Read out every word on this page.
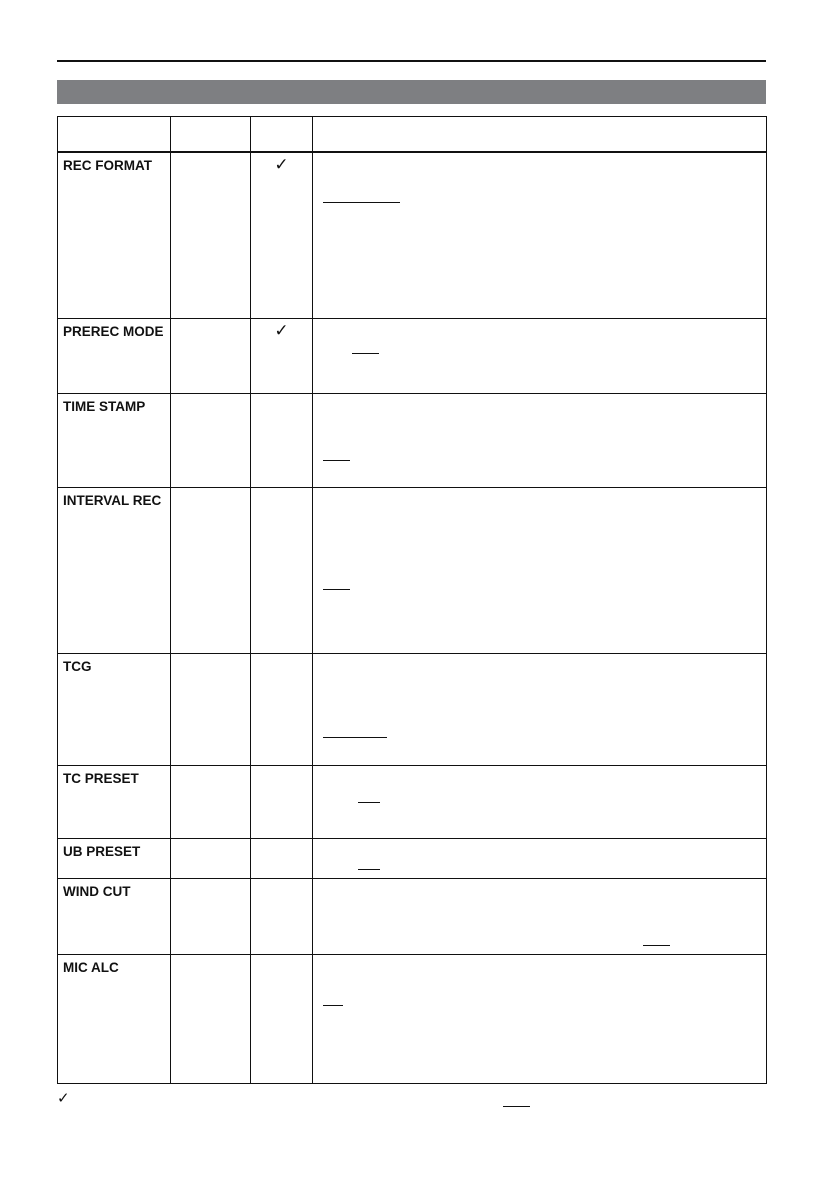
REC FORMAT		✓	

PREREC MODE		✓	

TIME STAMP			

INTERVAL REC			

TCG			

TC PRESET			

UB PRESET			

WIND CUT			

MIC ALC			
✓
